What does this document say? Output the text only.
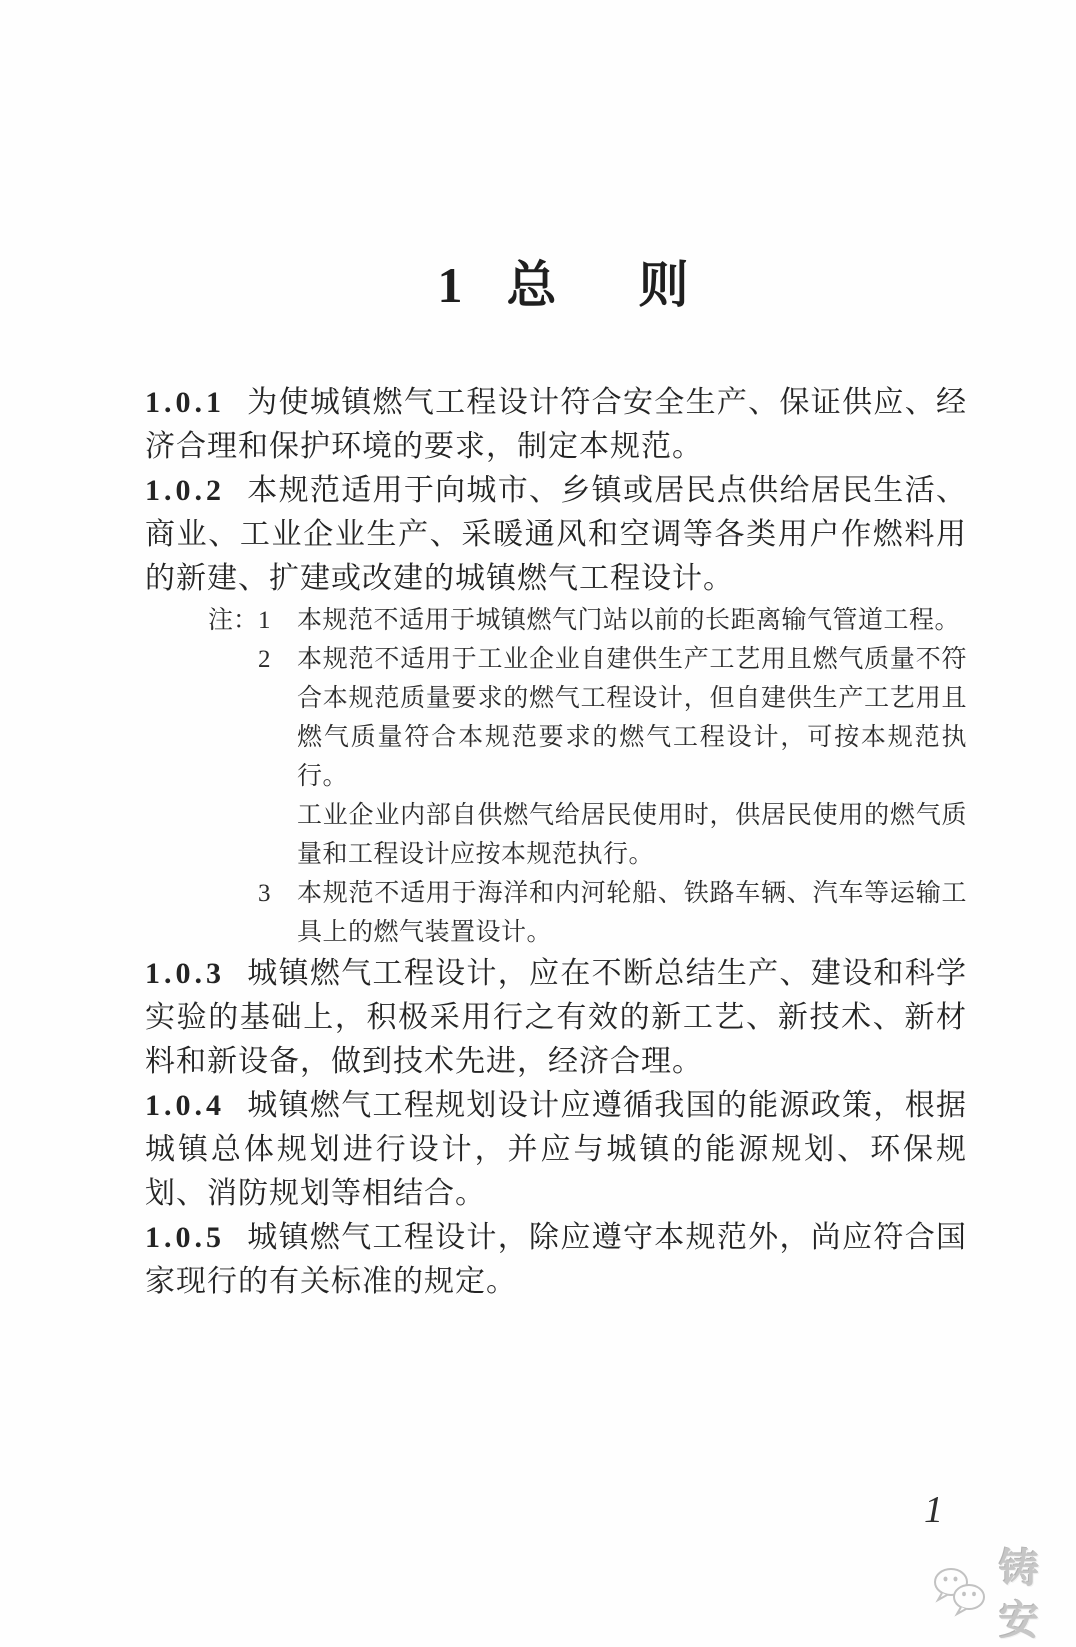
1 总 则

1.0.1 为使城镇燃气工程设计符合安全生产、保证供应、经济合理和保护环境的要求，制定本规范。

1.0.2 本规范适用于向城市、乡镇或居民点供给居民生活、商业、工业企业生产、采暖通风和空调等各类用户作燃料用的新建、扩建或改建的城镇燃气工程设计。

注： 1	本规范不适用于城镇燃气门站以前的长距离输气管道工程。
2	本规范不适用于工业企业自建供生产工艺用且燃气质量不符合本规范质量要求的燃气工程设计，但自建供生产工艺用且燃气质量符合本规范要求的燃气工程设计，可按本规范执行。
工业企业内部自供燃气给居民使用时，供居民使用的燃气质量和工程设计应按本规范执行。
3	本规范不适用于海洋和内河轮船、铁路车辆、汽车等运输工具上的燃气装置设计。

1.0.3 城镇燃气工程设计，应在不断总结生产、建设和科学实验的基础上，积极采用行之有效的新工艺、新技术、新材料和新设备，做到技术先进，经济合理。

1.0.4 城镇燃气工程规划设计应遵循我国的能源政策，根据城镇总体规划进行设计，并应与城镇的能源规划、环保规划、消防规划等相结合。

1.0.5 城镇燃气工程设计，除应遵守本规范外，尚应符合国家现行的有关标准的规定。

1
铸安
